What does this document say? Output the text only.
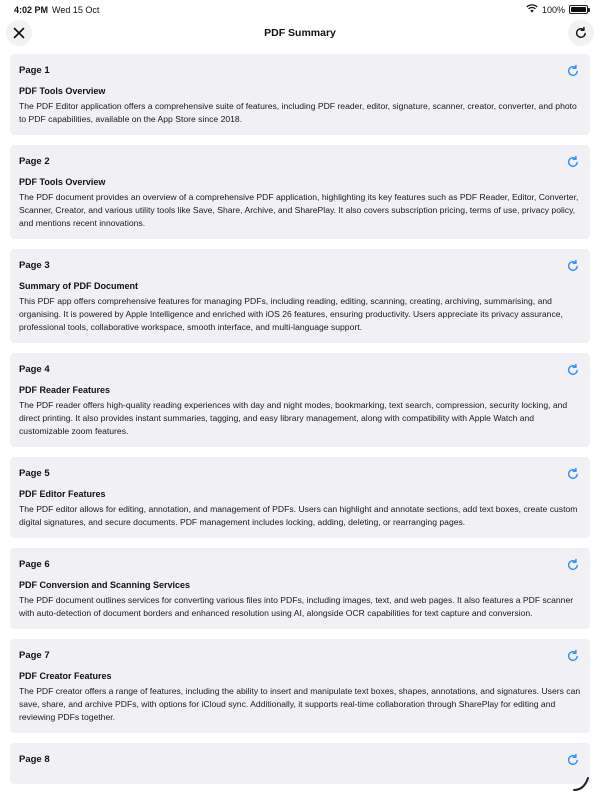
4:02 PM Wed 15 Oct	100%
PDF Summary
Page 1
PDF Tools Overview
The PDF Editor application offers a comprehensive suite of features, including PDF reader, editor, signature, scanner, creator, converter, and photo to PDF capabilities, available on the App Store since 2018.
Page 2
PDF Tools Overview
The PDF document provides an overview of a comprehensive PDF application, highlighting its key features such as PDF Reader, Editor, Converter, Scanner, Creator, and various utility tools like Save, Share, Archive, and SharePlay. It also covers subscription pricing, terms of use, privacy policy, and mentions recent innovations.
Page 3
Summary of PDF Document
This PDF app offers comprehensive features for managing PDFs, including reading, editing, scanning, creating, archiving, summarising, and organising. It is powered by Apple Intelligence and enriched with iOS 26 features, ensuring productivity. Users appreciate its privacy assurance, professional tools, collaborative workspace, smooth interface, and multi-language support.
Page 4
PDF Reader Features
The PDF reader offers high-quality reading experiences with day and night modes, bookmarking, text search, compression, security locking, and direct printing. It also provides instant summaries, tagging, and easy library management, along with compatibility with Apple Watch and customizable zoom features.
Page 5
PDF Editor Features
The PDF editor allows for editing, annotation, and management of PDFs. Users can highlight and annotate sections, add text boxes, create custom digital signatures, and secure documents. PDF management includes locking, adding, deleting, or rearranging pages.
Page 6
PDF Conversion and Scanning Services
The PDF document outlines services for converting various files into PDFs, including images, text, and web pages. It also features a PDF scanner with auto-detection of document borders and enhanced resolution using AI, alongside OCR capabilities for text capture and conversion.
Page 7
PDF Creator Features
The PDF creator offers a range of features, including the ability to insert and manipulate text boxes, shapes, annotations, and signatures. Users can save, share, and archive PDFs, with options for iCloud sync. Additionally, it supports real-time collaboration through SharePlay for editing and reviewing PDFs together.
Page 8
